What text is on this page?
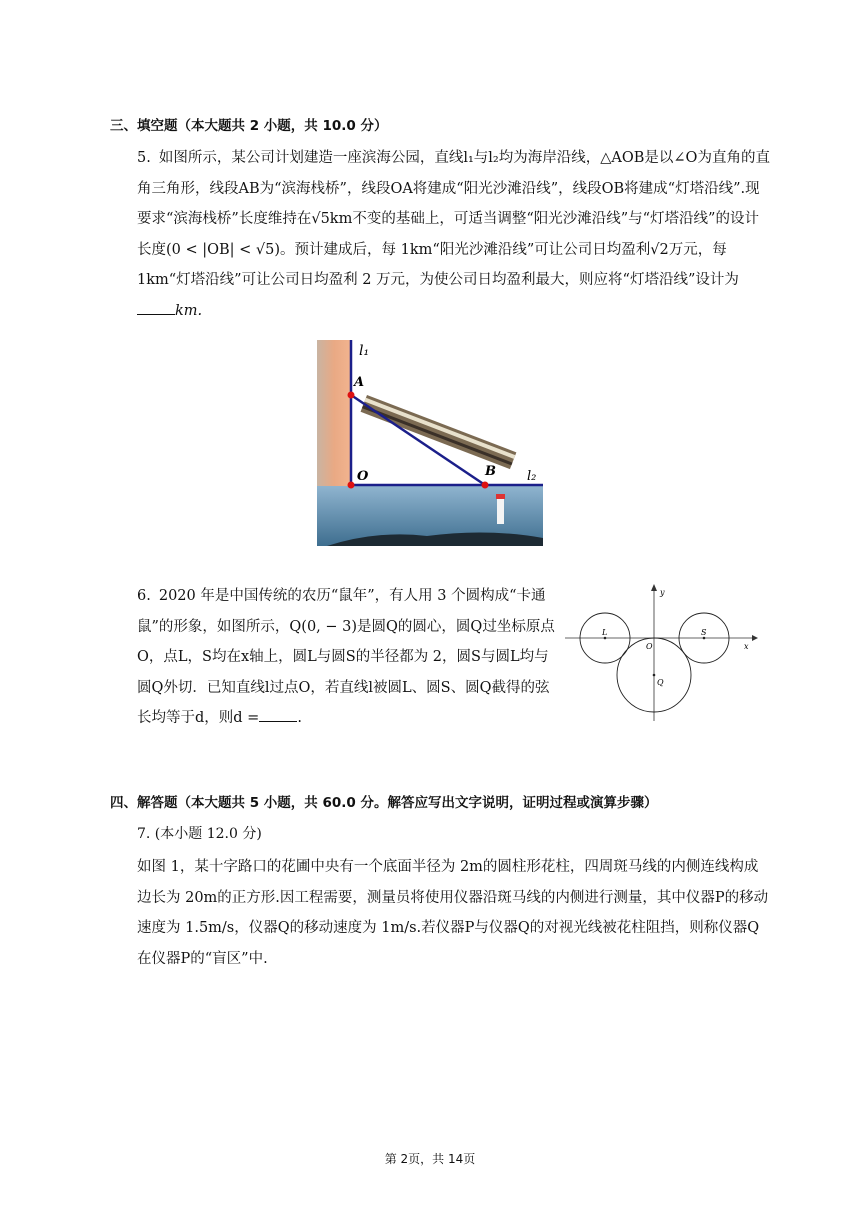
三、填空题（本大题共 2 小题，共 10.0 分）

5. 如图所示，某公司计划建造一座滨海公园，直线l₁与l₂均为海岸沿线，△AOB是以∠O为直角的直角三角形，线段AB为“滨海栈桥”，线段OA将建成“阳光沙滩沿线”，线段OB将建成“灯塔沿线”.现要求“滨海栈桥”长度维持在√5km不变的基础上，可适当调整“阳光沙滩沿线”与“灯塔沿线”的设计长度(0 < |OB| < √5)。预计建成后，每 1km“阳光沙滩沿线”可让公司日均盈利√2万元，每 1km“灯塔沿线”可让公司日均盈利 2 万元，为使公司日均盈利最大，则应将“灯塔沿线”设计为km.

l₁
A
O	B l₂

6. 2020 年是中国传统的农历“鼠年”，有人用 3 个圆构成“卡通鼠”的形象，如图所示，Q(0, − 3)是圆Q的圆心，圆Q过坐标原点O，点L，S均在x轴上，圆L与圆S的半径都为 2，圆S与圆L均与圆Q外切．已知直线l过点O，若直线l被圆L、圆S、圆Q截得的弦长均等于d，则d =	.

y
x
L	S
O
Q
四、解答题（本大题共 5 小题，共 60.0 分。解答应写出文字说明，证明过程或演算步骤）
7. (本小题 12.0 分)

如图 1，某十字路口的花圃中央有一个底面半径为 2m的圆柱形花柱，四周斑马线的内侧连线构成边长为 20m的正方形.因工程需要，测量员将使用仪器沿斑马线的内侧进行测量，其中仪器P的移动速度为 1.5m/s，仪器Q的移动速度为 1m/s.若仪器P与仪器Q的对视光线被花柱阻挡，则称仪器Q在仪器P的“盲区”中.

第 2页，共 14页
